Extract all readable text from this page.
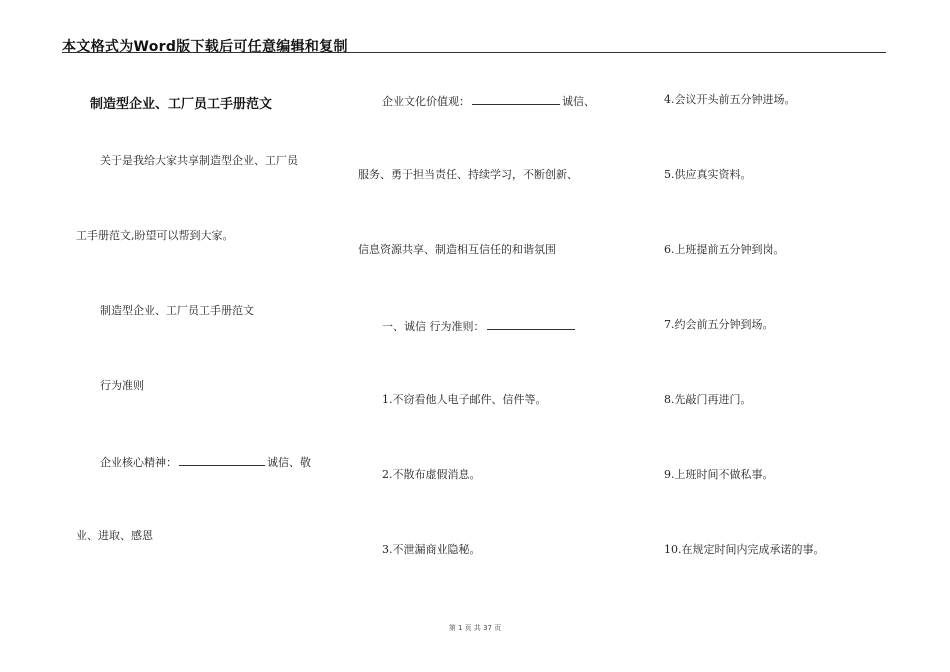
本文格式为Word版下载后可任意编辑和复制
制造型企业、工厂员工手册范文
关于是我给大家共享制造型企业、工厂员
工手册范文,盼望可以帮到大家。
制造型企业、工厂员工手册范文
行为准则
企业核心精神：	诚信、敬
业、进取、感恩
企业文化价值观：	诚信、
服务、勇于担当责任、持续学习，不断创新、
信息资源共享、制造相互信任的和谐氛围
一、诚信 行为准则：
1.不窃看他人电子邮件、信件等。
2.不散布虚假消息。
3.不泄漏商业隐秘。
4.会议开头前五分钟进场。
5.供应真实资料。
6.上班提前五分钟到岗。
7.约会前五分钟到场。
8.先敲门再进门。
9.上班时间不做私事。
10.在规定时间内完成承诺的事。
第 1 页 共 37 页
